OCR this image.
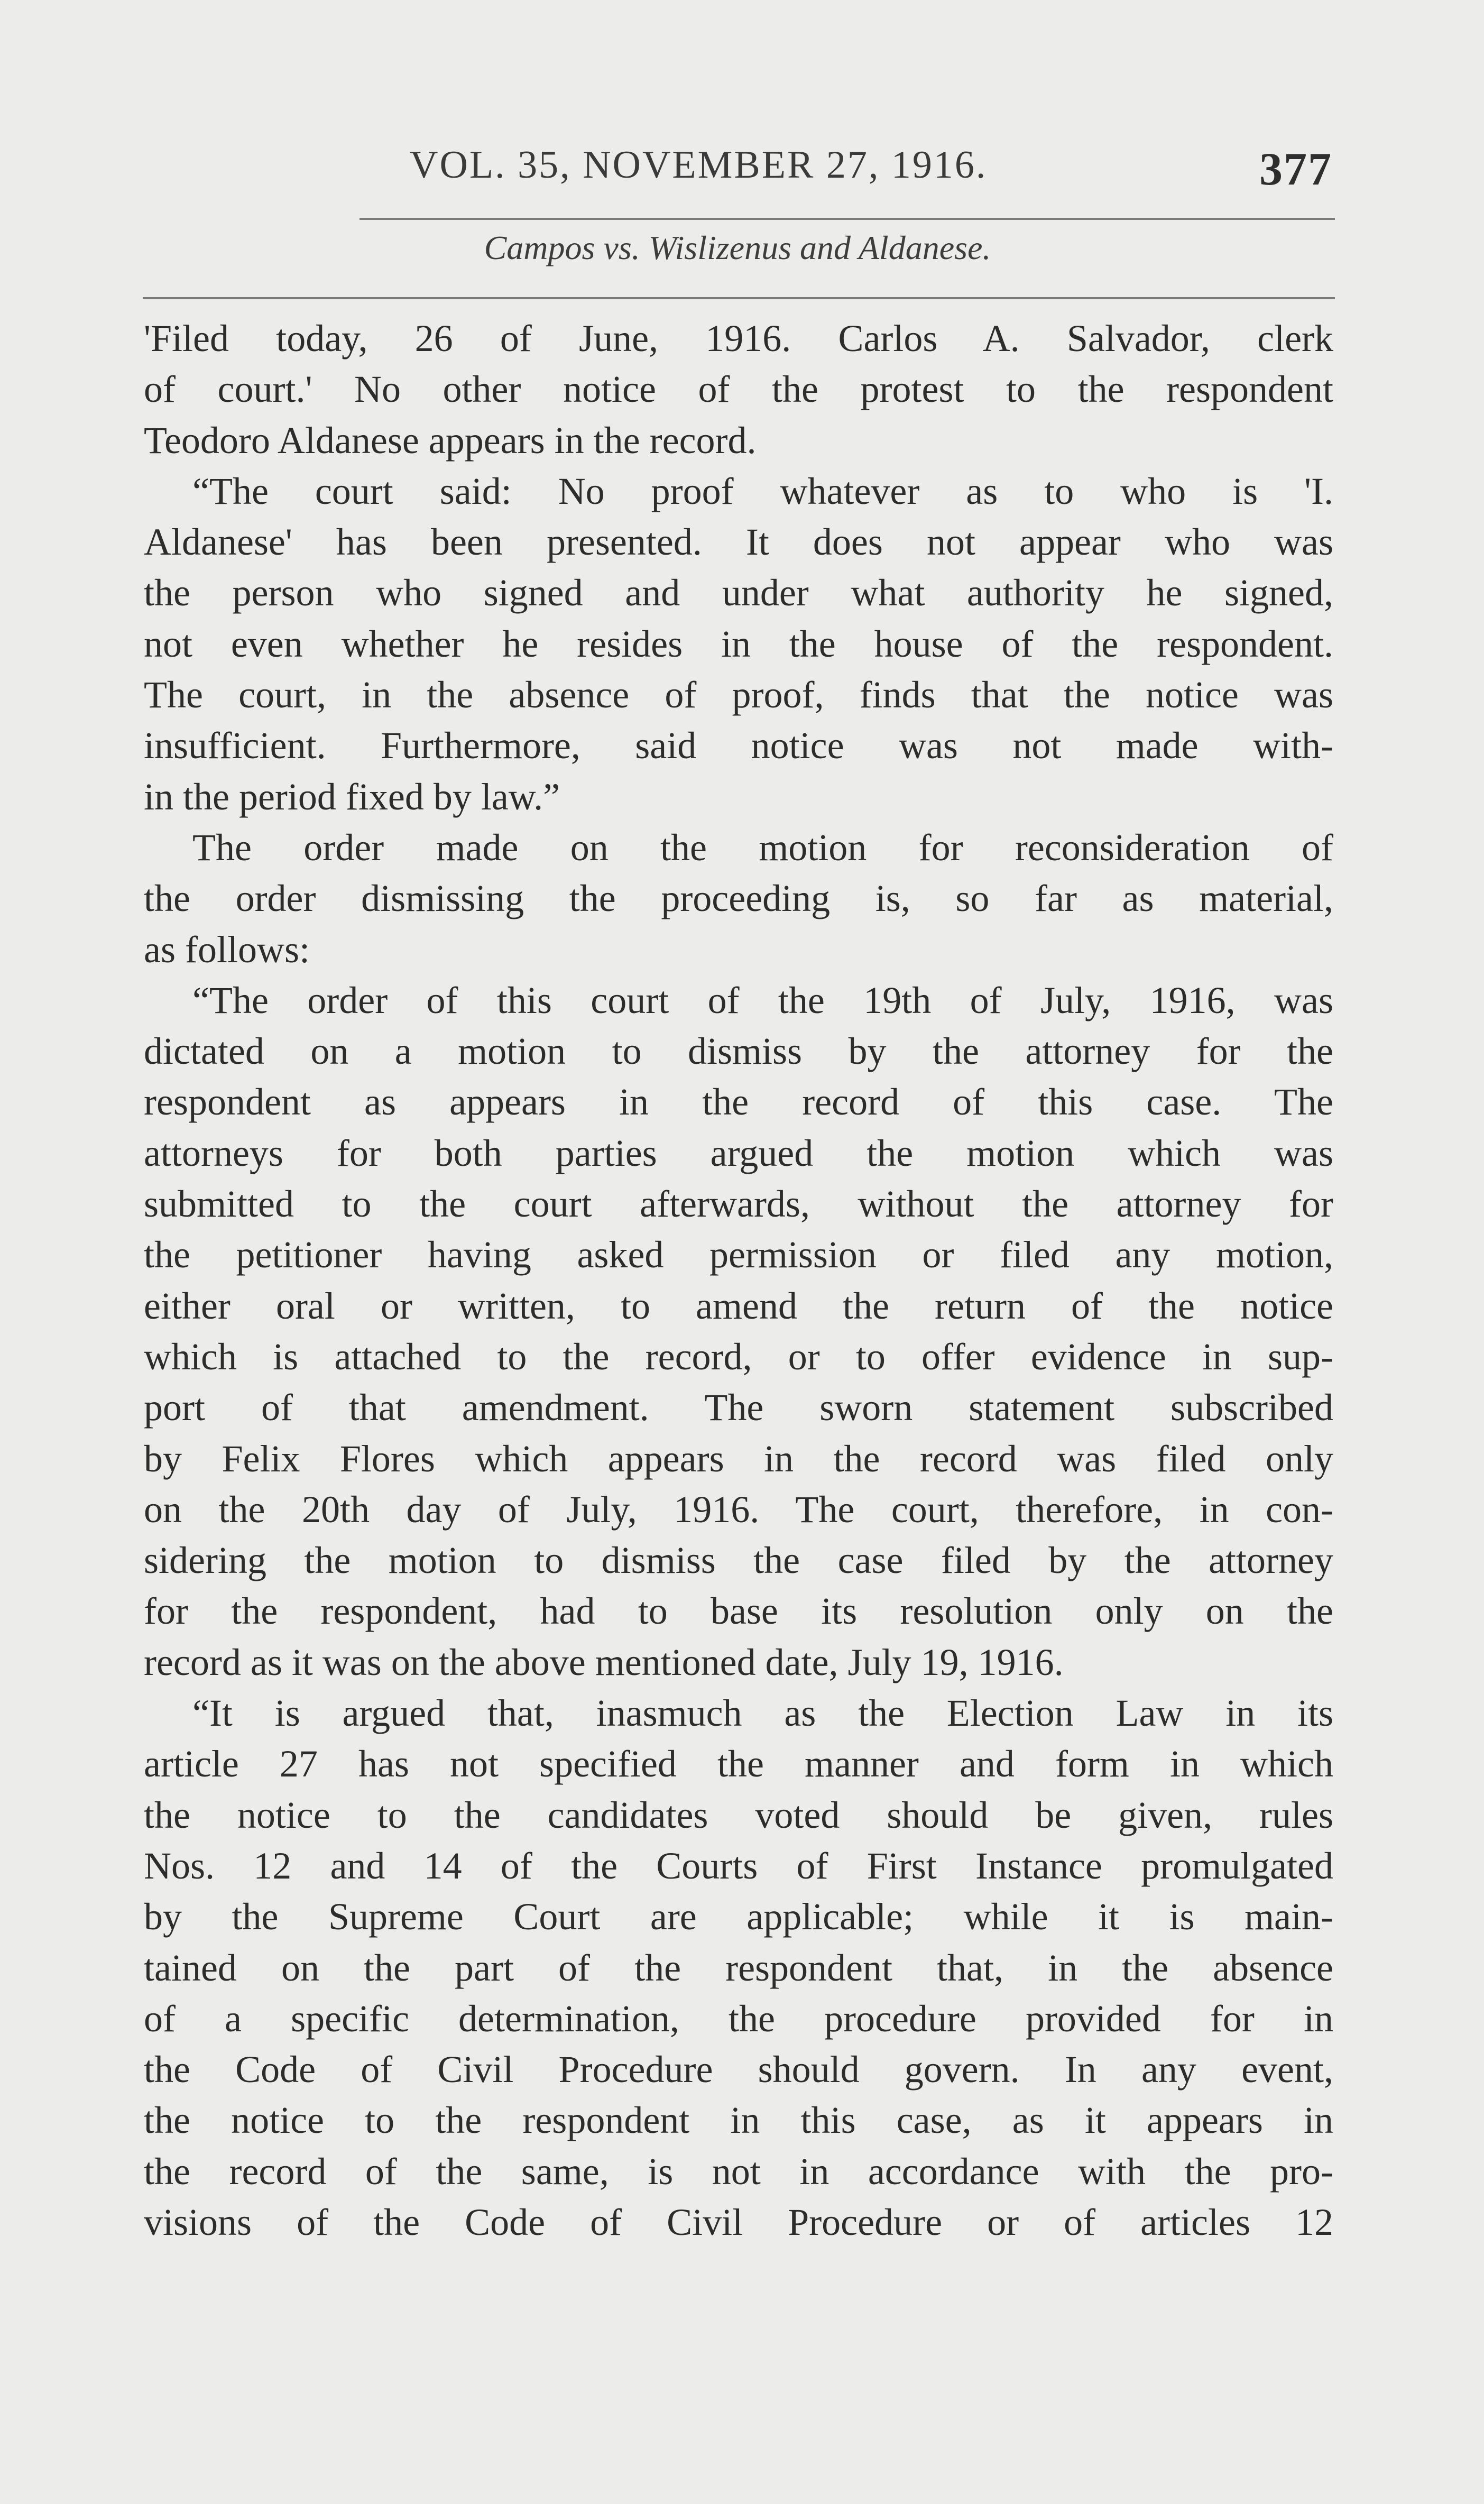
VOL. 35, NOVEMBER 27, 1916.	377
Campos vs. Wislizenus and Aldanese.
'Filed today, 26 of June, 1916. Carlos A. Salvador, clerk
of court.' No other notice of the protest to the respondent
Teodoro Aldanese appears in the record.
“The court said: No proof whatever as to who is 'I.
Aldanese' has been presented. It does not appear who was
the person who signed and under what authority he signed,
not even whether he resides in the house of the respondent.
The court, in the absence of proof, finds that the notice was
insufficient. Furthermore, said notice was not made with-
in the period fixed by law.”
The order made on the motion for reconsideration of
the order dismissing the proceeding is, so far as material,
as follows:
“The order of this court of the 19th of July, 1916, was
dictated on a motion to dismiss by the attorney for the
respondent as appears in the record of this case. The
attorneys for both parties argued the motion which was
submitted to the court afterwards, without the attorney for
the petitioner having asked permission or filed any motion,
either oral or written, to amend the return of the notice
which is attached to the record, or to offer evidence in sup-
port of that amendment. The sworn statement subscribed
by Felix Flores which appears in the record was filed only
on the 20th day of July, 1916. The court, therefore, in con-
sidering the motion to dismiss the case filed by the attorney
for the respondent, had to base its resolution only on the
record as it was on the above mentioned date, July 19, 1916.
“It is argued that, inasmuch as the Election Law in its
article 27 has not specified the manner and form in which
the notice to the candidates voted should be given, rules
Nos. 12 and 14 of the Courts of First Instance promulgated
by the Supreme Court are applicable; while it is main-
tained on the part of the respondent that, in the absence
of a specific determination, the procedure provided for in
the Code of Civil Procedure should govern. In any event,
the notice to the respondent in this case, as it appears in
the record of the same, is not in accordance with the pro-
visions of the Code of Civil Procedure or of articles 12
